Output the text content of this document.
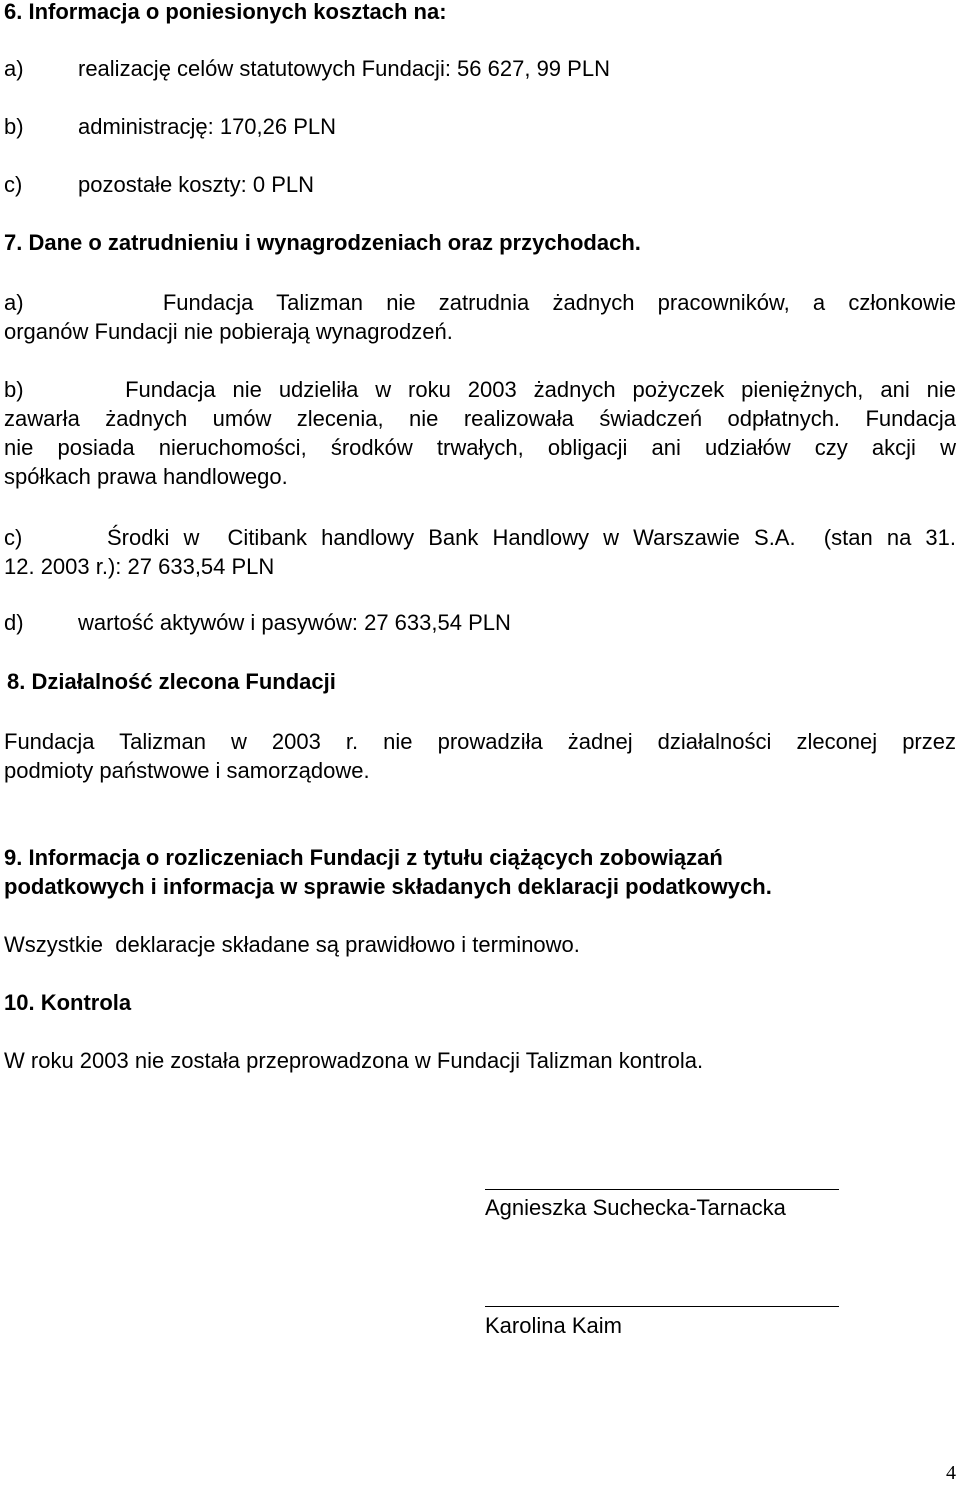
6. Informacja o poniesionych kosztach na:
a) realizację celów statutowych Fundacji: 56 627, 99 PLN
b) administrację: 170,26 PLN
c)	pozostałe koszty: 0 PLN
7. Dane o zatrudnieniu i wynagrodzeniach oraz przychodach.
a)      Fundacja Talizman nie zatrudnia żadnych pracowników, a członkowie
organów Fundacji nie pobierają wynagrodzeń.
b)      Fundacja nie udzieliła w roku 2003 żadnych pożyczek pieniężnych, ani nie
zawarła żadnych umów zlecenia, nie realizowała świadczeń odpłatnych. Fundacja
nie posiada nieruchomości, środków trwałych, obligacji ani udziałów czy akcji w
spółkach prawa handlowego.
c)      Środki w  Citibank handlowy Bank Handlowy w Warszawie S.A.  (stan na 31.
12. 2003 r.): 27 633,54 PLN
d) wartość aktywów i pasywów: 27 633,54 PLN
8. Działalność zlecona Fundacji
Fundacja Talizman w 2003 r. nie prowadziła żadnej działalności zleconej przez
podmioty państwowe i samorządowe.
9. Informacja o rozliczeniach Fundacji z tytułu ciążących zobowiązań
podatkowych i informacja w sprawie składanych deklaracji podatkowych.
Wszystkie  deklaracje składane są prawidłowo i terminowo.
10. Kontrola
W roku 2003 nie została przeprowadzona w Fundacji Talizman kontrola.
Agnieszka Suchecka-Tarnacka
Karolina Kaim
4
